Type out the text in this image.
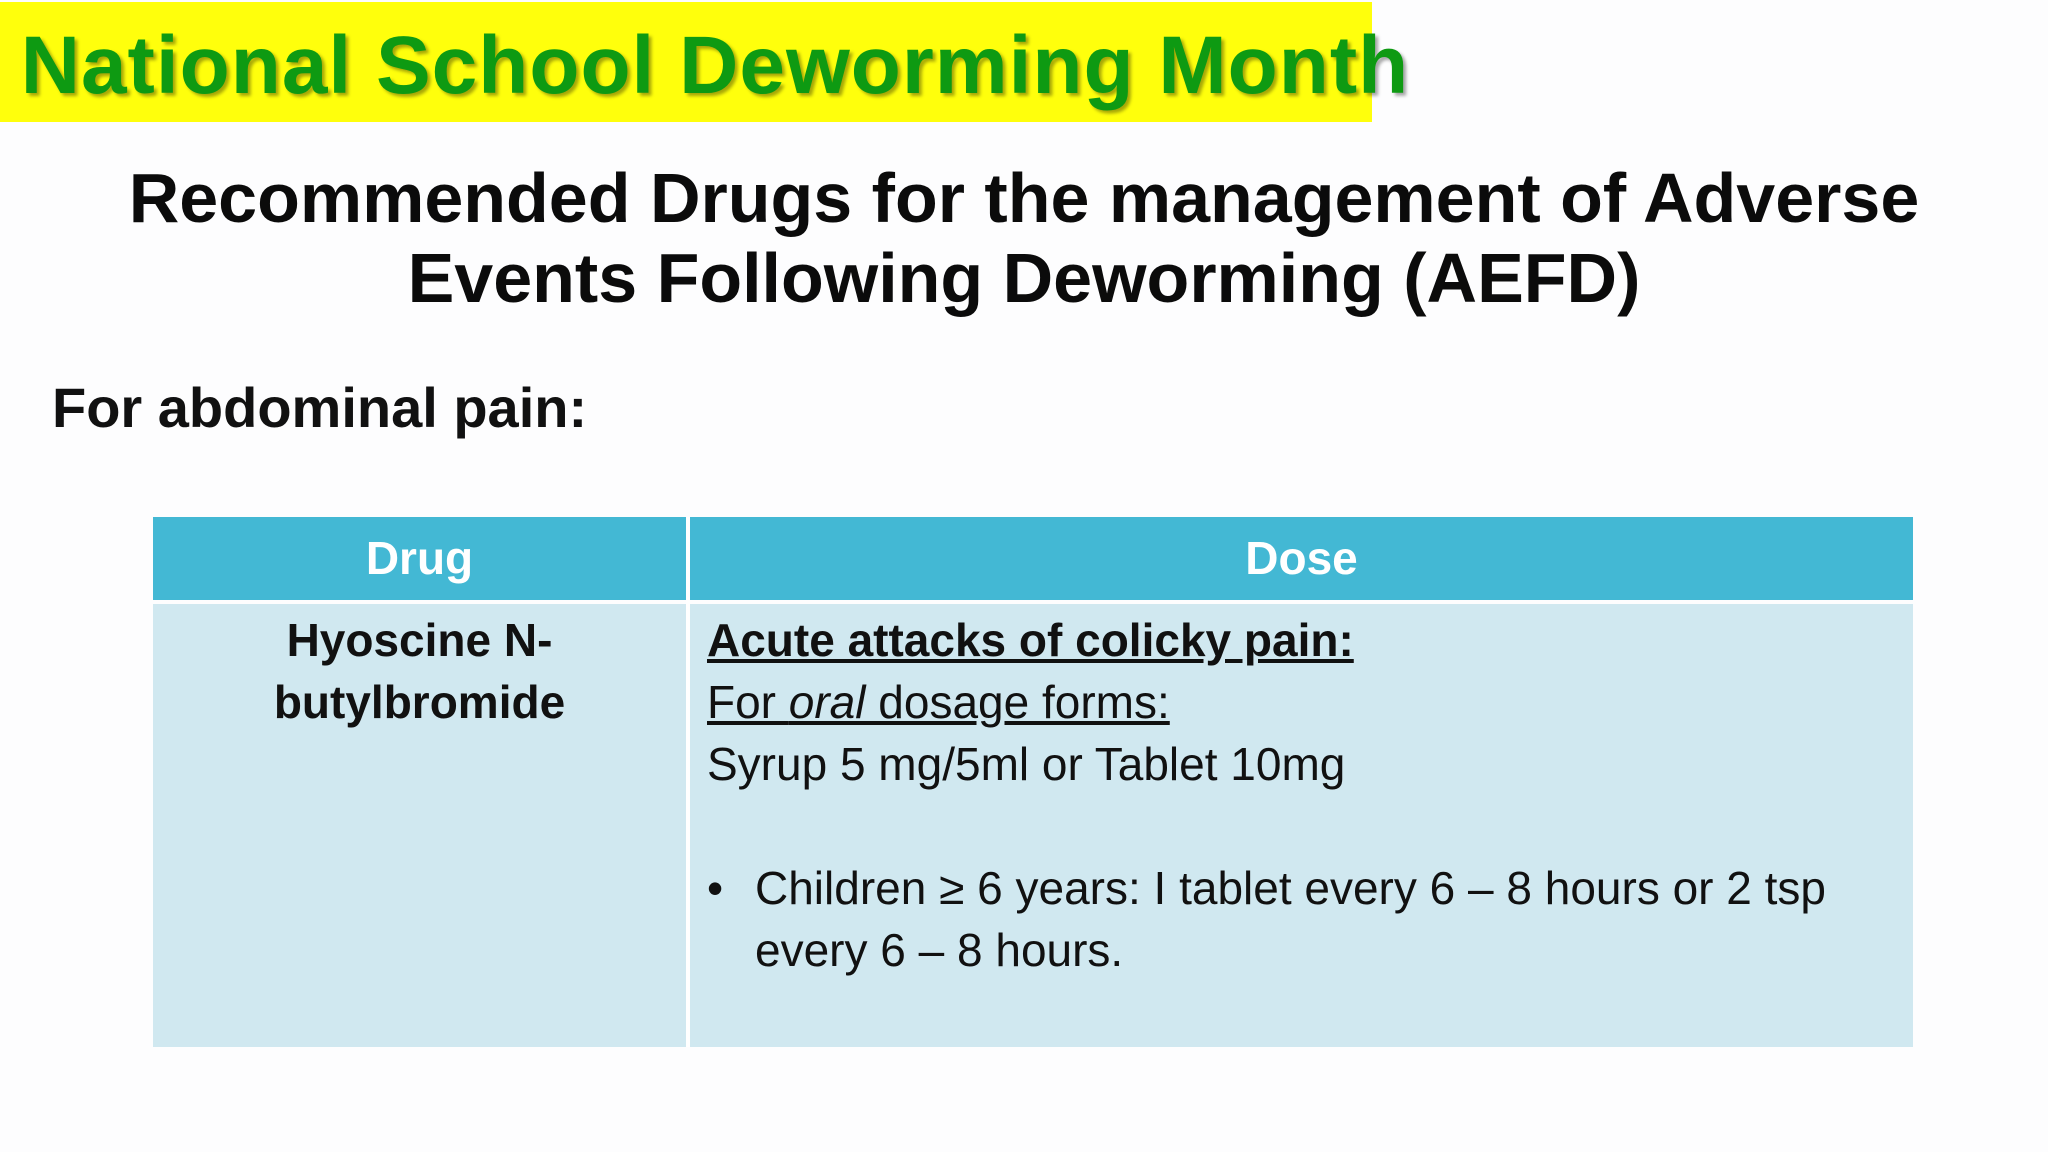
National School Deworming Month
Recommended Drugs for the management of Adverse
Events Following Deworming (AEFD)
For abdominal pain:
Drug	Dose
Hyoscine N-
butylbromide
Acute attacks of colicky pain:
For oral dosage forms:
Syrup 5 mg/5ml or Tablet 10mg
• Children ≥ 6 years: I tablet every 6 – 8 hours or 2 tsp every 6 – 8 hours.
